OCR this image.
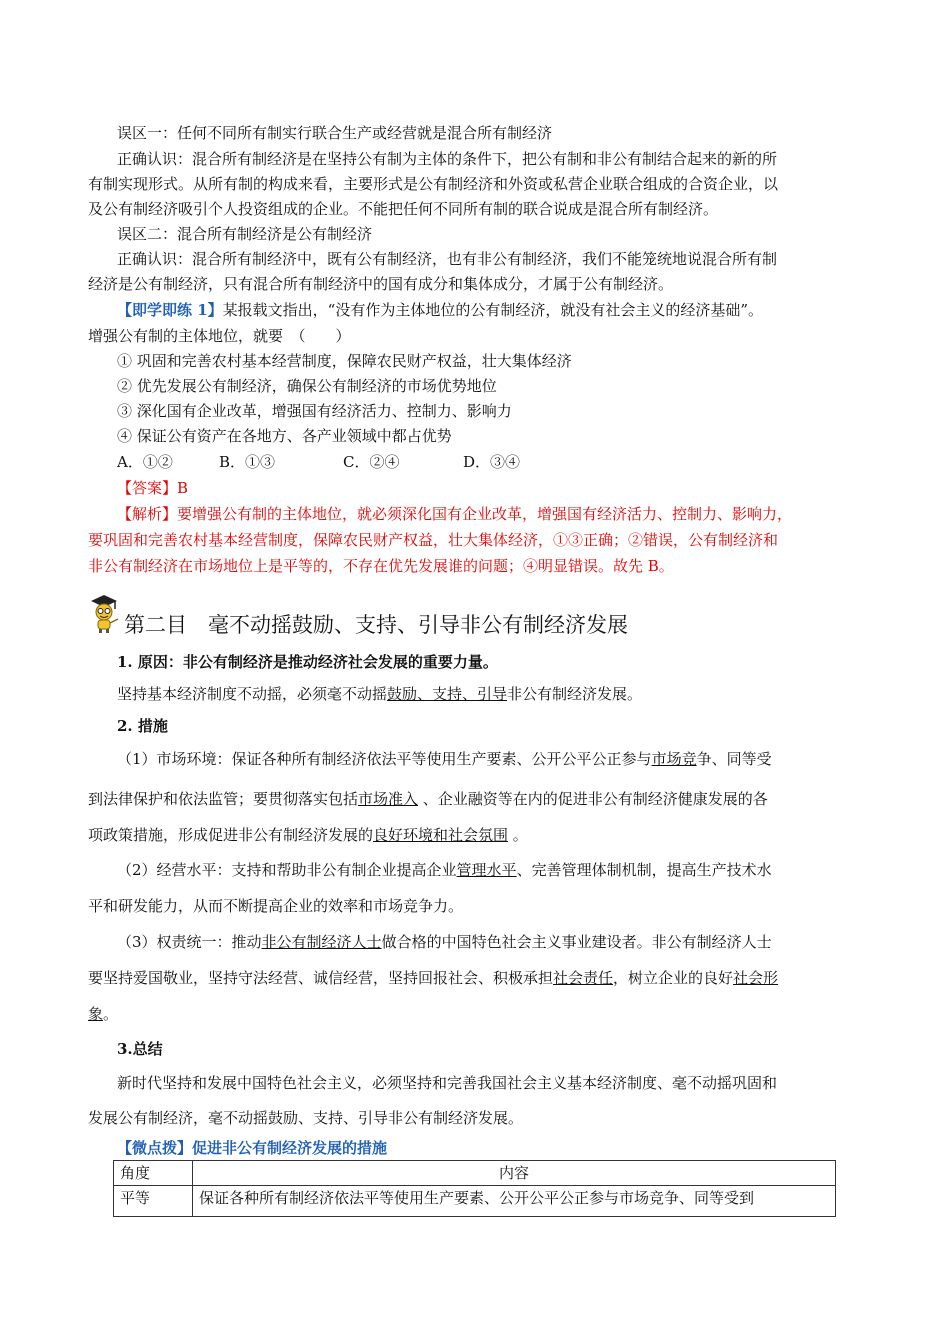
误区一：任何不同所有制实行联合生产或经营就是混合所有制经济
正确认识：混合所有制经济是在坚持公有制为主体的条件下，把公有制和非公有制结合起来的新的所
有制实现形式。从所有制的构成来看，主要形式是公有制经济和外资或私营企业联合组成的合资企业，以
及公有制经济吸引个人投资组成的企业。不能把任何不同所有制的联合说成是混合所有制经济。
误区二：混合所有制经济是公有制经济
正确认识：混合所有制经济中，既有公有制经济，也有非公有制经济，我们不能笼统地说混合所有制
经济是公有制经济，只有混合所有制经济中的国有成分和集体成分，才属于公有制经济。
【即学即练 1】某报载文指出，“没有作为主体地位的公有制经济，就没有社会主义的经济基础”。
增强公有制的主体地位，就要　（　　）
① 巩固和完善农村基本经营制度，保障农民财产权益，壮大集体经济
② 优先发展公有制经济，确保公有制经济的市场优势地位
③ 深化国有企业改革，增强国有经济活力、控制力、影响力
④ 保证公有资产在各地方、各产业领域中都占优势
A．①②	B．①③	C．②④	D．③④
【答案】B
【解析】要增强公有制的主体地位，就必须深化国有企业改革，增强国有经济活力、控制力、影响力，
要巩固和完善农村基本经营制度，保障农民财产权益，壮大集体经济，①③正确；②错误，公有制经济和
非公有制经济在市场地位上是平等的，不存在优先发展谁的问题；④明显错误。故先 B。
第二目　毫不动摇鼓励、支持、引导非公有制经济发展
1. 原因：非公有制经济是推动经济社会发展的重要力量。
坚持基本经济制度不动摇，必须毫不动摇鼓励、支持、引导非公有制经济发展。
2. 措施
（1）市场环境：保证各种所有制经济依法平等使用生产要素、公开公平公正参与市场竞争、同等受
到法律保护和依法监管；要贯彻落实包括市场准入 、企业融资等在内的促进非公有制经济健康发展的各
项政策措施，形成促进非公有制经济发展的良好环境和社会氛围 。
（2）经营水平：支持和帮助非公有制企业提高企业管理水平、完善管理体制机制，提高生产技术水
平和研发能力，从而不断提高企业的效率和市场竞争力。
（3）权责统一：推动非公有制经济人士做合格的中国特色社会主义事业建设者。非公有制经济人士
要坚持爱国敬业，坚持守法经营、诚信经营，坚持回报社会、积极承担社会责任，树立企业的良好社会形
象。
3.总结
新时代坚持和发展中国特色社会主义，必须坚持和完善我国社会主义基本经济制度、毫不动摇巩固和
发展公有制经济，毫不动摇鼓励、支持、引导非公有制经济发展。
【微点拨】促进非公有制经济发展的措施
角度	内容
平等	保证各种所有制经济依法平等使用生产要素、公开公平公正参与市场竞争、同等受到
